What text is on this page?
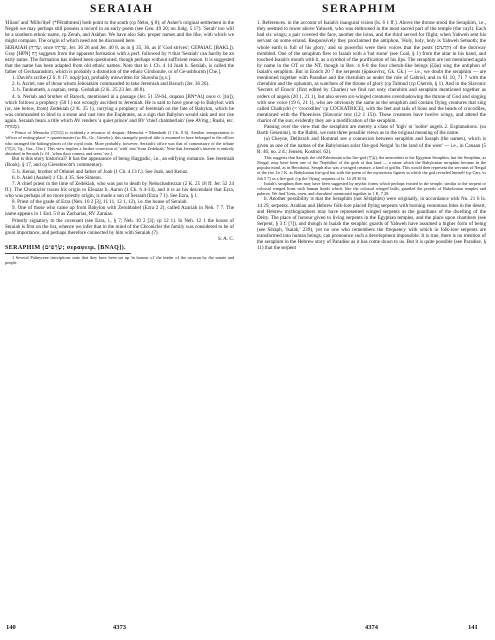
SERAIAH	SERAPHIM

'Hilani' and 'Millo'iḥel' (*Pĕrathmesi) both point to the south (cp Nebo, § 8); of Asher's original settlement in the Negeb we may perhaps still possess a record in an early poem (see Gen. 49 20; on Judg. 5 17). 'Serah' too will be a southern ethnic name, cp Zerah, and Ashḥur. We have also Sab. proper names and the like, with which we might compare. The origin of which need not be discussed here.

SERAIAH (שְׂרָיָה, once שְׂרָיָהוּ, Jer. 36 26 and Jer. 40 8, as in § 35, 36, as if 'God strives'; CEPAIAC [BAKL]). Gray [HPN] וְיָה suggests from the apparent formation with a perf. followed by ה that 'Seraiah' can hardly be an early name. The formation has indeed been questioned, though perhaps without sufficient reason. It is suggested that the name has been adapted from old ethnic names. Note that in 1 Ch. 4 14 Joab b. Seraiah, is called the father of Gechaarashim, which is probably a distortion of the ethnic Girshonite, or of Ge-ashhurim [Che.].

1. David's scribe (2 S. 8 17: σαρ[ε]ια), probably miswritten for Shavsha [q.v.].

2. b. Azriel, one of those whom Jehoiakim commanded to take Jeremiah and Baruch (Jer. 36 26).

3. b. Tanhumeth, a captain, temp. Gedaliah (2 K. 25 23 Jer. 40 8).

4. b. Neriah and brother of Baruch, mentioned in a passage (Jer. 51 59-64, σαραια [BN*AQ once σ. ]τα]), which follows a prophecy (50 f.) not wrongly ascribed to Jeremiah. He is said to have gone up to Babylon with (or, see below, from) Zedekiah (2 K. 25 1), carrying a prophecy of Jeremiah on the fate of Babylon, which he was commanded to bind to a stone and cast into the Euphrates, as a sign that Babylon would sink and not rise again. Seraiah bears a title which AV renders 'a quiet prince' and RV 'chief chamberlain' (see AVmg.; Rashi, etc. מְנוּחָה).

• Prince of Menucha (מְנוּחָה) is evidently a resource of despair; Menucha = Manahath (1 Ch. 8 6). Another interpretation is 'officer of resting-place' = quartermaster (so Hi., Gr., Giesebr.); this strangely poetical title is assumed to have belonged to the officer who arranged the halting-places of the royal train. More probably, however, Seraiah's office was that of commissary of the tribute (מִנְחָה, Tg., Gra., Che.). This view implies a further correction of 'with' into 'from Zedekiah.' Note that Jeremiah's interest is entirely absorbed in Seraiah [v. 61, 'when thou comest, and seest,' etc.].

But is this story historical? It has the appearance of being Haggadic, i.e., an edifying romance. See Jeremiah (Book), § 17, and cp Giesebrecht's commentary.

5. b. Kenaz, brother of Othniel and father of Joab (1 Ch. 4 13 f.). See Joab, and Kenaz.

6. b. Asiel (Asahel) 1 Ch. 4 35. See Simeon.

7. A chief priest in the time of Zedekiah, who was put to death by Nebuchadrezzar (2 K. 25 18 ff. Jer. 52 24 ff.). The Chronicler traces his origin to Eleazar b. Aaron (1 Ch. 6 4-14), and it is as his descendant that Ezra, who was perhaps of no more priestly origin, is made a son of Seraiah (Ezra 7 1). See Ezra, § 1.

8. Priest of the grade of Ezra (Neh. 10 2 [3], 11 11, 12 1, 12), i.e. the house of Seraiah.

9. One of those who came up from Babylon with Zerubbabel (Ezra 2 2), called Azariah in Neh. 7 7. The name appears in 1 Esd. 5 8 as Zacharias, RV Zaraias.

Priestly signatory to the covenant (see Ezra, i., § 7; Neh. 10 2 [3]; cp 12 1). In Neh. 12 1 the house of Seraiah is first on the list, whence we infer that in the mind of the Chronicler the family was considered to be of great importance, and perhaps therefore connected by him with Seraiah (7).

S. A. C.

SERAPHIM (שְׂרָפִים; σεραφειμ, [BNAQ]).

1 Several Palmyrene inscriptions state that they have been set up 'in honour of' the leader of the caravan by the senate and people.

1. References. in the account of Isaiah's inaugural vision (Is. 6 1 ff.). Above the throne stood the Seraphim, i.e., they seemed to tower above Yahweh, who was enthroned in the most sacred part of the temple (the vayl). Each had six wings; a pair covered the face, another the loins, and the third served for flight, when Yahweh sent his servant on some errand. Responsively they proclaimed the antiphon, 'Holy, holy, holy is Yahweh Sebaoth; the whole earth is full of his glory,' and so powerful were their voices that the posts (תַּרְעִים) of the doorway trembled. One of the seraphim flew to Isaiah with a 'hot stone' (see Coal, § 1) from the altar in his hand, and touched Isaiah's mouth with it, as a symbol of the purification of his lips. The seraphim are not mentioned again by name in the OT or the NT, though in Rev. 4 6-8 the four cherub-like beings (ζῷα) sing the antiphon of Isaiah's seraphim. But in Enoch 20 7 the serpents (δράκοντες, Gk. Gk.) — i.e., we doubt the seraphim — are mentioned together with Paradise and the cherubim as under the rule of Gabriel, and in 61 10, 71 7 with the cherubim and the ophanim, as watchers of the throne of glory (cp Talmud (cp Cherub, § 1). And in the Slavonic 'Secrets of Enoch' (first edited by Charles) we find not only cherubim and seraphim mentioned together as orders of angels (20 1, 21 1), but also seven six-winged creatures overshadowing the throne of God and singing with one voice (19 6, 21 1), who are obviously the same as the seraphim and contain flying creatures that sing called Chalkydri (= 'crocodiles' 'cp COCKATRICE), with the feet and tails of lions and the heads of crocodiles, mentioned with the Phoenixes (Slavonic text (12 1 15)). These creatures have twelve wings, and attend the chariot of the sun; evidently they are a modification of the seraphim.

Passing over the view that the seraphim are merely a class of 'high' or 'noble' angels 2. Explanations. (so Barth Gesenius), to the Rabbi, we note three possible views as to the original meaning of the name.

(a) Cheyne, Delitzsch and Hommel see a connexion between seraphim and Saraph (the names), which is given as one of the names of the Babylonian solar fire-god Nergal 'in the land of the west' — i.e., in Canaan (5 R. 46, no. 2 d.; Jensen, Kosmol. 62).

This suggests that Saraph, the old Palestinian solar fire-god (עֲרֵף), the antecedent to the Egyptian Seraphim, but the Seraphim, as Nergal, may have been one of the 'Nephilim' of the gods of that land — a name which the Babylonian seraphim became in the popular mind, as in Herodotus. Seraph also was a winged creature, a kind of griffin. This would then represent the servants of Nergal of the fire. In 1 K. as Babylonian fire-god but with the poem of the mysterious figures in which the god revealed himself (cp Carr, vs Job 5 7) as a fire-god. (cp the 'flying' serpents of Is. 14 29 30 6).

Isaiah's seraphim then may have been suggested by mythic forms which perhaps existed in the temple, similar to the serpent or colossal winged lions with human heads which, like the colossal winged bulls, guarded the portals of Babylonian temples and palaces. We find 'lions, oxen, and cherubim' mentioned together in 1 K. 7 29.

b. Another possibility is that the Seraphim (not Sĕrāphîm) were originally, in accordance with Nu. 21 6 Is. 14 29, serpents. Arabian and Hebrew folk-lore placed flying serpents with burning venomous bites in the desert, and Hebrew mythographers may have represented winged serpents as the guardians of the dwelling of the Deity. The place of honour given to living serpents in the Egyptian temples, and the place upon chambers (see Serpent, § 3 f. [?]), and though to Isaiah the seraphic guards of Yahweh have assumed a higher form of being (see Sēraph, 'Isaiah,' 239), yet no one who remembers the frequency with which in folk-lore serpents are transformed into human beings, can pronounce such a development impossible. It is true, there is no mention of the seraphim in the Hebrew story of Paradise as it has come down to us. But it is quite possible (see Paradise, § 11) that the serpent

140	4373	4374	141
